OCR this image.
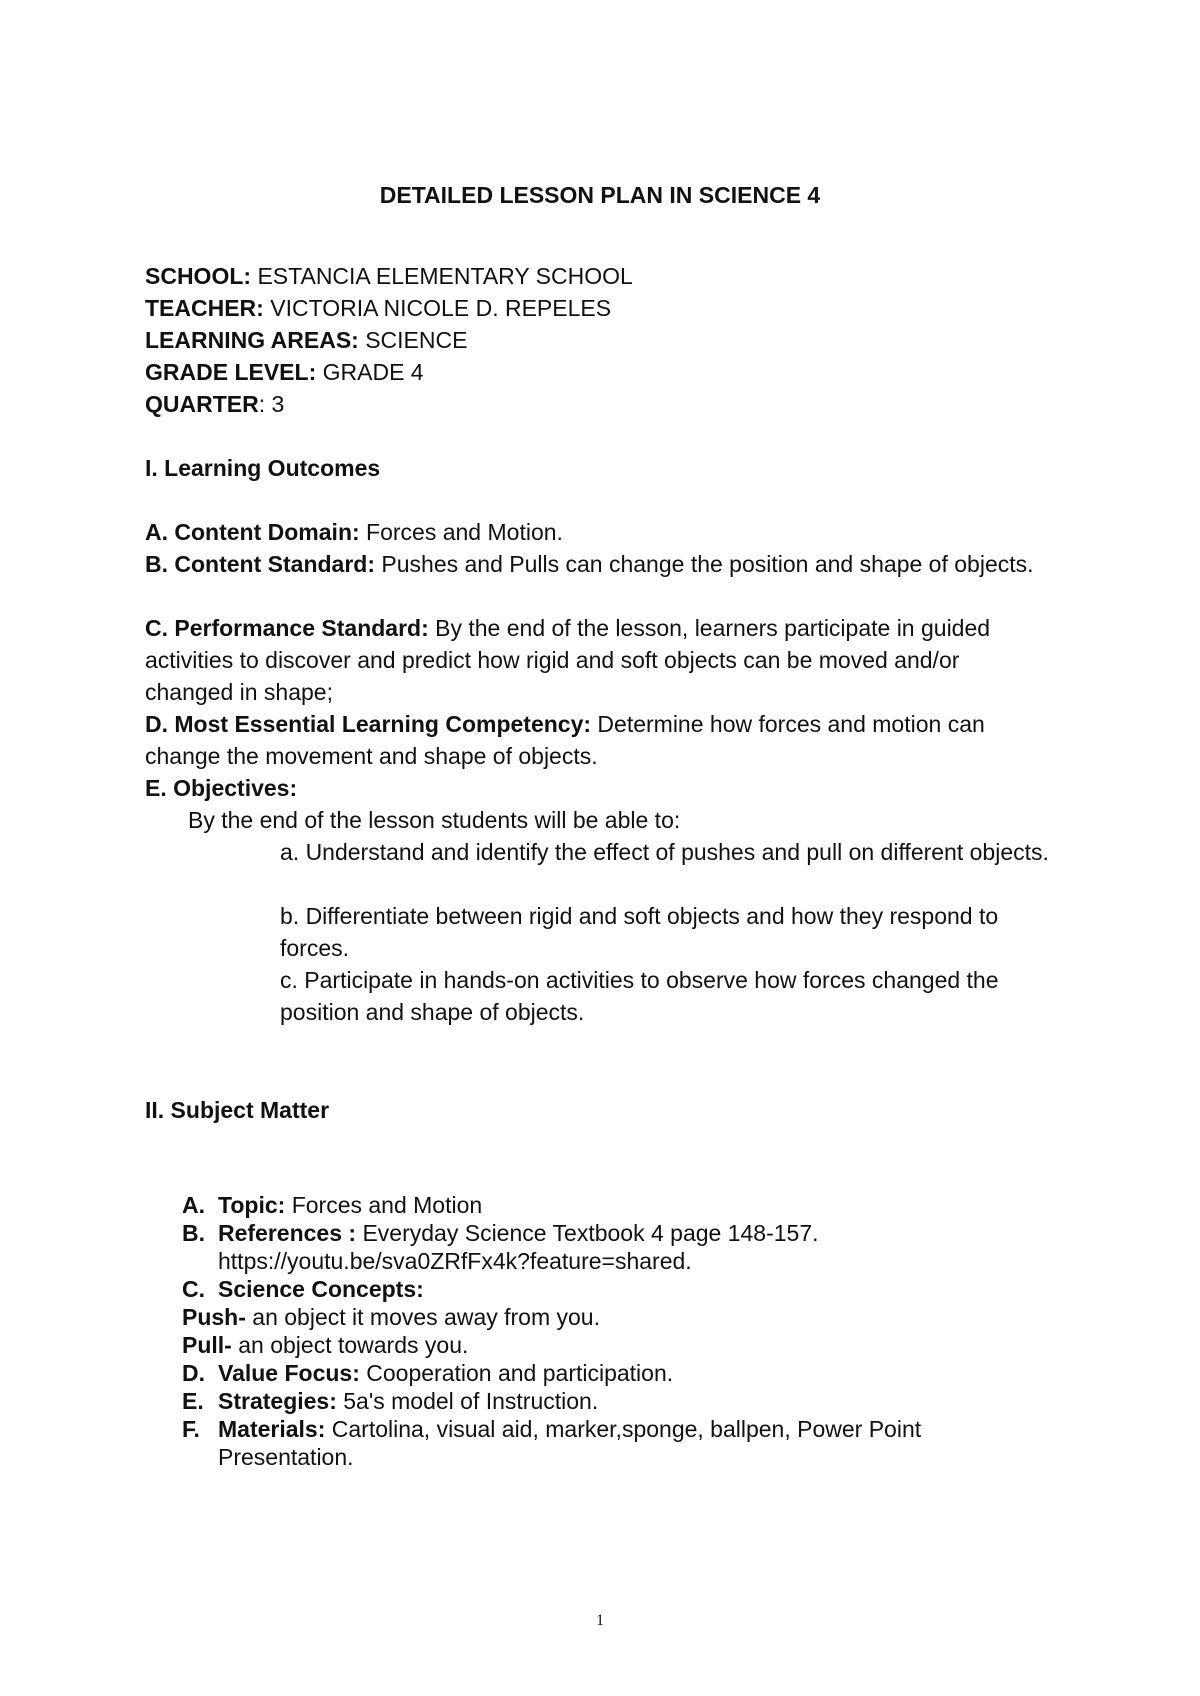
DETAILED LESSON PLAN IN SCIENCE 4
SCHOOL: ESTANCIA ELEMENTARY SCHOOL
TEACHER: VICTORIA NICOLE D. REPELES
LEARNING AREAS: SCIENCE
GRADE LEVEL: GRADE 4
QUARTER: 3
I. Learning Outcomes
A. Content Domain: Forces and Motion.
B. Content Standard: Pushes and Pulls can change the position and shape of objects.
C. Performance Standard: By the end of the lesson, learners participate in guided activities to discover and predict how rigid and soft objects can be moved and/or changed in shape;
D. Most Essential Learning Competency: Determine how forces and motion can change the movement and shape of objects.
E. Objectives:
By the end of the lesson students will be able to:
a. Understand and identify the effect of pushes and pull on different objects.
b. Differentiate between rigid and soft objects and how they respond to forces.
c. Participate in hands-on activities to observe how forces changed the position and shape of objects.
II. Subject Matter
A. Topic: Forces and Motion
B. References : Everyday Science Textbook 4 page 148-157.
https://youtu.be/sva0ZRfFx4k?feature=shared.
C. Science Concepts:
Push- an object it moves away from you.
Pull- an object towards you.
D. Value Focus: Cooperation and participation.
E. Strategies: 5a's model of Instruction.
F. Materials: Cartolina, visual aid, marker,sponge, ballpen, Power Point
Presentation.
1
